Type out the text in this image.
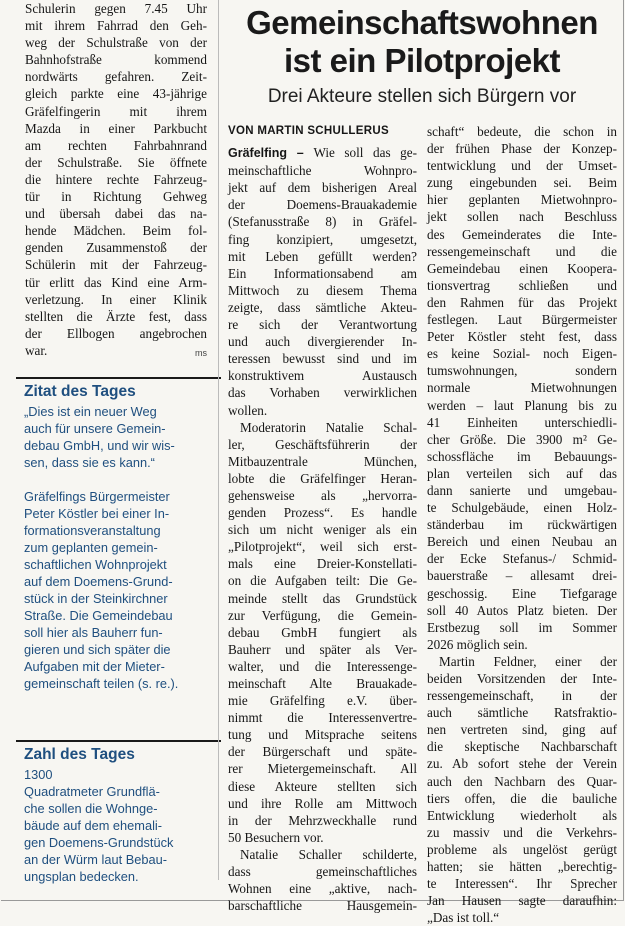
Schulerin gegen 7.45 Uhr

mit ihrem Fahrrad den Geh-

weg der Schulstraße von der

Bahnhofstraße kommend

nordwärts gefahren. Zeit-

gleich parkte eine 43-jährige

Gräfelfingerin mit ihrem

Mazda in einer Parkbucht

am rechten Fahrbahnrand

der Schulstraße. Sie öffnete

die hintere rechte Fahrzeug-

tür in Richtung Gehweg

und übersah dabei das na-

hende Mädchen. Beim fol-

genden Zusammenstoß der

Schülerin mit der Fahrzeug-

tür erlitt das Kind eine Arm-

verletzung. In einer Klinik

stellten die Ärzte fest, dass

der Ellbogen angebrochen

war.	ms

Zitat des Tages

„Dies ist ein neuer Weg

auch für unsere Gemein-

debau GmbH, und wir wis-

sen, dass sie es kann.“

Gräfelfings Bürgermeister

Peter Köstler bei einer In-

formationsveranstaltung

zum geplanten gemein-

schaftlichen Wohnprojekt

auf dem Doemens-Grund-

stück in der Steinkirchner

Straße. Die Gemeindebau

soll hier als Bauherr fun-

gieren und sich später die

Aufgaben mit der Mieter-

gemeinschaft teilen (s. re.).

Zahl des Tages

1300

Quadratmeter Grundflä-

che sollen die Wohnge-

bäude auf dem ehemali-

gen Doemens-Grundstück

an der Würm laut Bebau-

ungsplan bedecken.

Gemeinschaftswohnen
ist ein Pilotprojekt
Drei Akteure stellen sich Bürgern vor

VON MARTIN SCHULLERUS

Gräfelfing – Wie soll das ge-

meinschaftliche Wohnpro-

jekt auf dem bisherigen Areal

der Doemens-Brauakademie

(Stefanusstraße 8) in Gräfel-

fing konzipiert, umgesetzt,

mit Leben gefüllt werden?

Ein Informationsabend am

Mittwoch zu diesem Thema

zeigte, dass sämtliche Akteu-

re sich der Verantwortung

und auch divergierender In-

teressen bewusst sind und im

konstruktivem Austausch

das Vorhaben verwirklichen

wollen.

Moderatorin Natalie Schal-

ler, Geschäftsführerin der

Mitbauzentrale München,

lobte die Gräfelfinger Heran-

gehensweise als „hervorra-

genden Prozess“. Es handle

sich um nicht weniger als ein

„Pilotprojekt“, weil sich erst-

mals eine Dreier-Konstellati-

on die Aufgaben teilt: Die Ge-

meinde stellt das Grundstück

zur Verfügung, die Gemein-

debau GmbH fungiert als

Bauherr und später als Ver-

walter, und die Interessenge-

meinschaft Alte Brauakade-

mie Gräfelfing e.V. über-

nimmt die Interessenvertre-

tung und Mitsprache seitens

der Bürgerschaft und späte-

rer Mietergemeinschaft. All

diese Akteure stellten sich

und ihre Rolle am Mittwoch

in der Mehrzweckhalle rund

50 Besuchern vor.

Natalie Schaller schilderte,

dass gemeinschaftliches

Wohnen eine „aktive, nach-

barschaftliche Hausgemein-

schaft“ bedeute, die schon in

der frühen Phase der Konzep-

tentwicklung und der Umset-

zung eingebunden sei. Beim

hier geplanten Mietwohnpro-

jekt sollen nach Beschluss

des Gemeinderates die Inte-

ressengemeinschaft und die

Gemeindebau einen Koopera-

tionsvertrag schließen und

den Rahmen für das Projekt

festlegen. Laut Bürgermeister

Peter Köstler steht fest, dass

es keine Sozial- noch Eigen-

tumswohnungen, sondern

normale Mietwohnungen

werden – laut Planung bis zu

41 Einheiten unterschiedli-

cher Größe. Die 3900 m² Ge-

schossfläche im Bebauungs-

plan verteilen sich auf das

dann sanierte und umgebau-

te Schulgebäude, einen Holz-

ständerbau im rückwärtigen

Bereich und einen Neubau an

der Ecke Stefanus-/ Schmid-

bauerstraße – allesamt drei-

geschossig. Eine Tiefgarage

soll 40 Autos Platz bieten. Der

Erstbezug soll im Sommer

2026 möglich sein.

Martin Feldner, einer der

beiden Vorsitzenden der Inte-

ressengemeinschaft, in der

auch sämtliche Ratsfraktio-

nen vertreten sind, ging auf

die skeptische Nachbarschaft

zu. Ab sofort stehe der Verein

auch den Nachbarn des Quar-

tiers offen, die die bauliche

Entwicklung wiederholt als

zu massiv und die Verkehrs-

probleme als ungelöst gerügt

hatten; sie hätten „berechtig-

te Interessen“. Ihr Sprecher

Jan Hausen sagte daraufhin:

„Das ist toll.“
